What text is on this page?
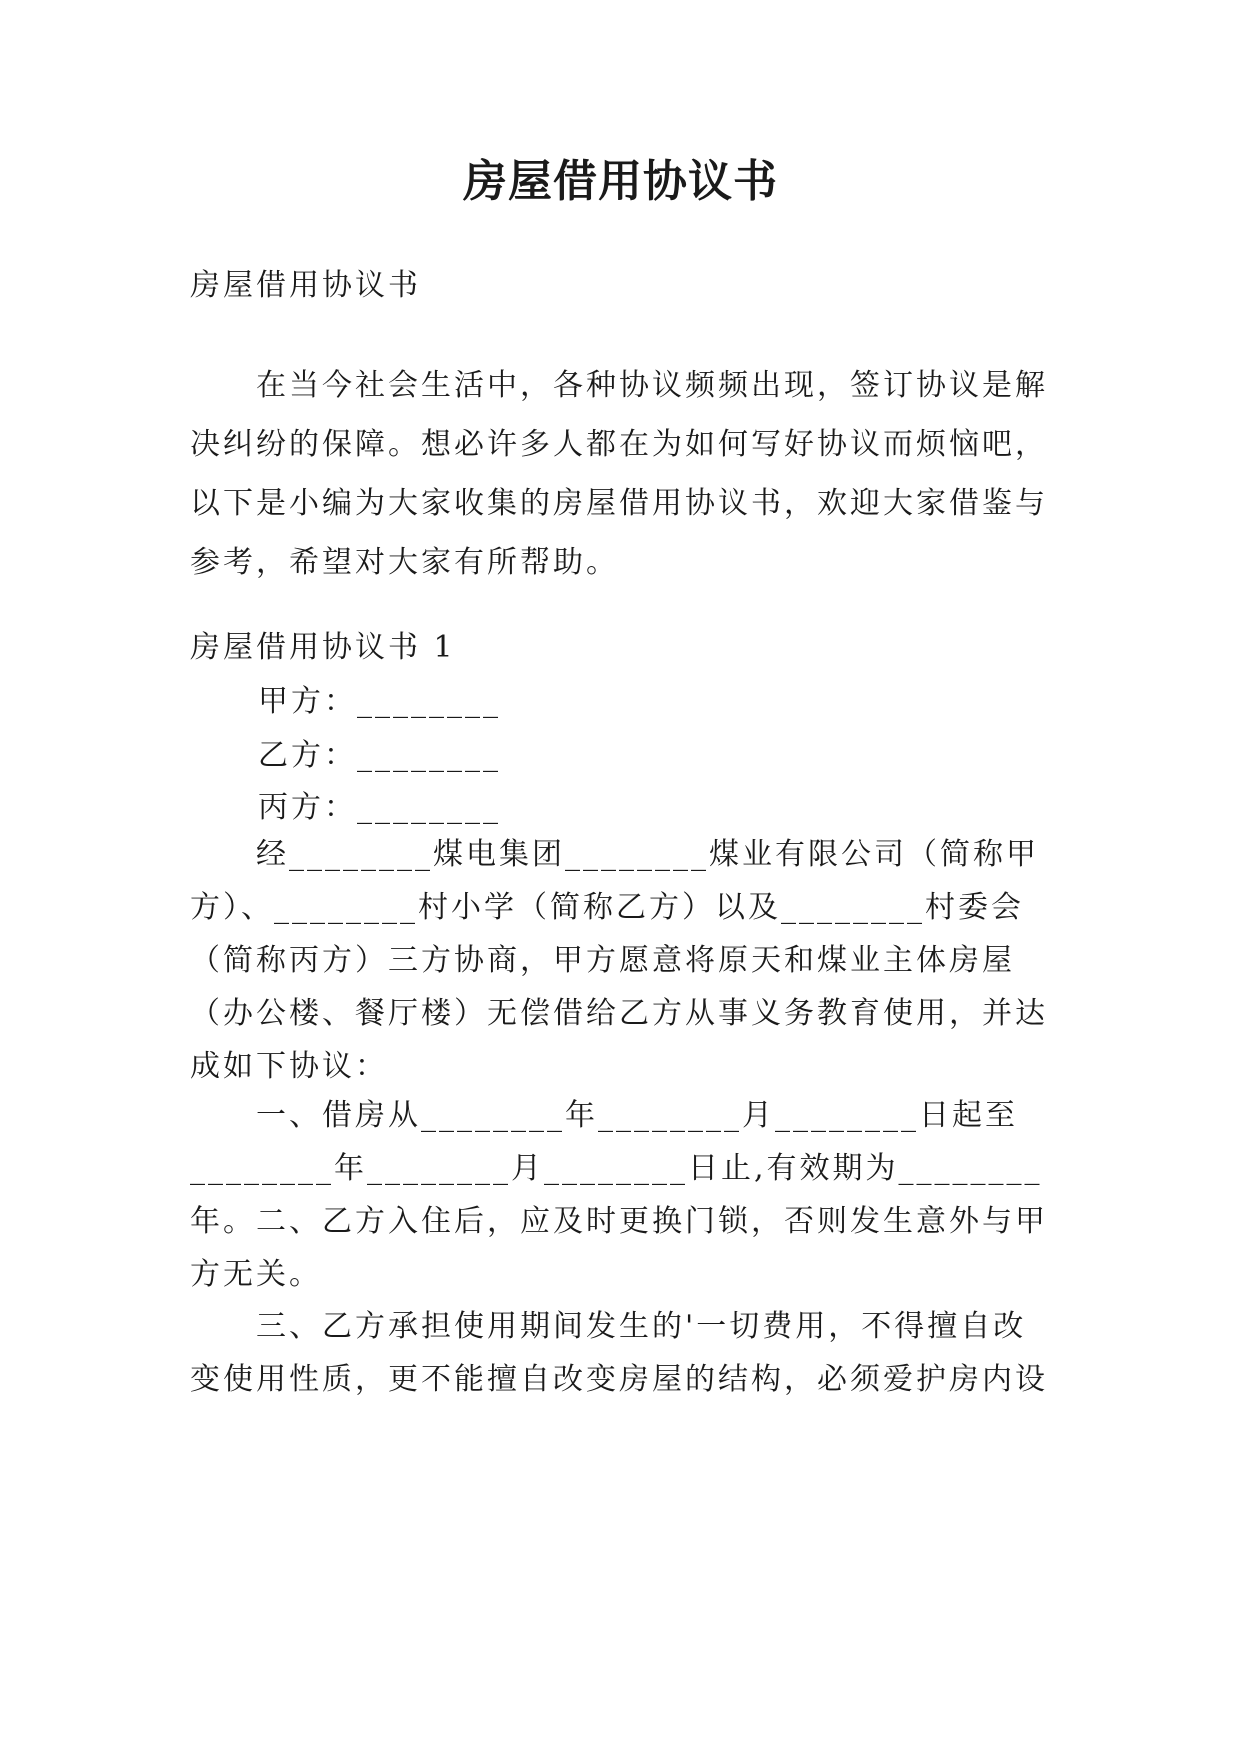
房屋借用协议书

房屋借用协议书

在当今社会生活中，各种协议频频出现，签订协议是解决纠纷的保障。想必许多人都在为如何写好协议而烦恼吧，以下是小编为大家收集的房屋借用协议书，欢迎大家借鉴与参考，希望对大家有所帮助。

房屋借用协议书 1

甲方：________

乙方：________

丙方：________

经________煤电集团________煤业有限公司（简称甲方）、________村小学（简称乙方）以及________村委会（简称丙方）三方协商，甲方愿意将原天和煤业主体房屋（办公楼、餐厅楼）无偿借给乙方从事义务教育使用，并达成如下协议：

一、借房从________年________月________日起至________年________月________日止,有效期为________年。 二、乙方入住后，应及时更换门锁，否则发生意外与甲方无关。

三、乙方承担使用期间发生的'一切费用，不得擅自改变使用性质，更不能擅自改变房屋的结构，必须爱护房内设
